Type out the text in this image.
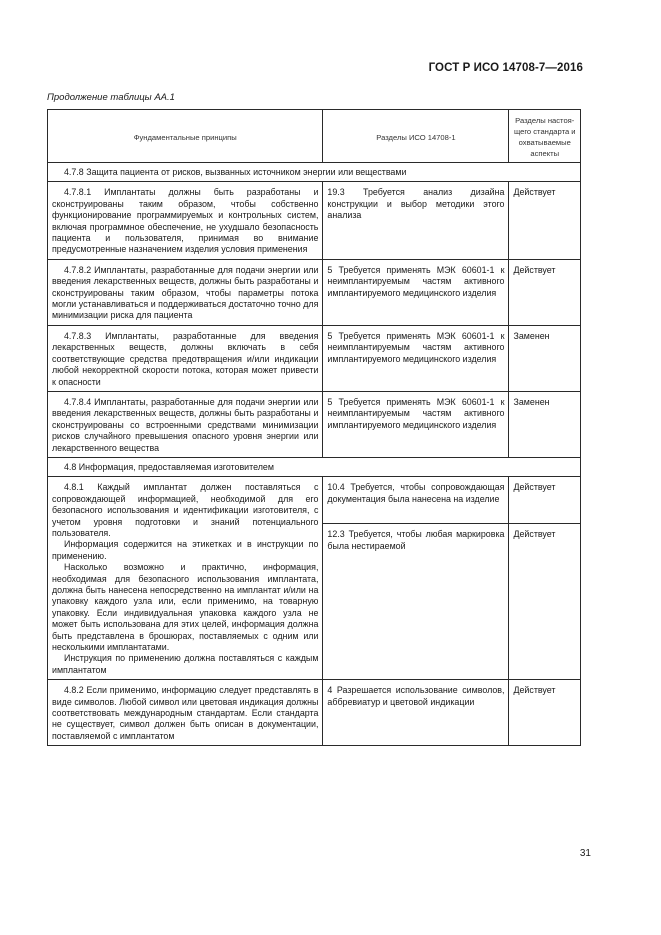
ГОСТ Р ИСО 14708-7—2016
Продолжение таблицы АА.1
Фундаментальные принципы	Разделы ИСО 14708-1	Разделы настоя-щего стандарта и охватываемые аспекты
4.7.8 Защита пациента от рисков, вызванных источником энергии или веществами		

4.7.8.1 Имплантаты должны быть разработаны и сконструированы таким образом, чтобы собственно функционирование программируемых и контрольных систем, включая программное обеспечение, не ухудшало безопасность пациента и пользователя, принимая во внимание предусмотренные назначением изделия условия применения	19.3 Требуется анализ дизайна конструкции и выбор методики этого анализа	Действует

4.7.8.2 Имплантаты, разработанные для подачи энергии или введения лекарственных веществ, должны быть разработаны и сконструированы таким образом, чтобы параметры потока могли устанавливаться и поддерживаться достаточно точно для минимизации риска для пациента	5 Требуется применять МЭК 60601-1 к неимплантируемым частям активного имплантируемого медицинского изделия	Действует

4.7.8.3 Имплантаты, разработанные для введения лекарственных веществ, должны включать в себя соответствующие средства предотвращения и/или индикации любой некорректной скорости потока, которая может привести к опасности	5 Требуется применять МЭК 60601-1 к неимплантируемым частям активного имплантируемого медицинского изделия	Заменен

4.7.8.4 Имплантаты, разработанные для подачи энергии или введения лекарственных веществ, должны быть разработаны и сконструированы со встроенными средствами минимизации рисков случайного превышения опасного уровня энергии или лекарственного вещества	5 Требуется применять МЭК 60601-1 к неимплантируемым частям активного имплантируемого медицинского изделия	Заменен
4.8 Информация, предоставляемая изготовителем		

4.8.1 Каждый имплантат должен поставляться с сопровождающей информацией, необходимой для его безопасного использования и идентификации изготовителя, с учетом уровня подготовки и знаний потенциального пользователя.

Информация содержится на этикетках и в инструкции по применению.

Насколько возможно и практично, информация, необходимая для безопасного использования имплантата, должна быть нанесена непосредственно на имплантат и/или на упаковку каждого узла или, если применимо, на товарную упаковку. Если индивидуальная упаковка каждого узла не может быть использована для этих целей, информация должна быть представлена в брошюрах, поставляемых с одним или несколькими имплантатами.

Инструкция по применению должна поставляться с каждым имплантатом	10.4 Требуется, чтобы сопровождающая документация была нанесена на изделие	Действует
	12.3 Требуется, чтобы любая маркировка была нестираемой	Действует

4.8.2 Если применимо, информацию следует представлять в виде символов. Любой символ или цветовая индикация должны соответствовать международным стандартам. Если стандарта не существует, символ должен быть описан в документации, поставляемой с имплантатом	4 Разрешается использование символов, аббревиатур и цветовой индикации	Действует
31
